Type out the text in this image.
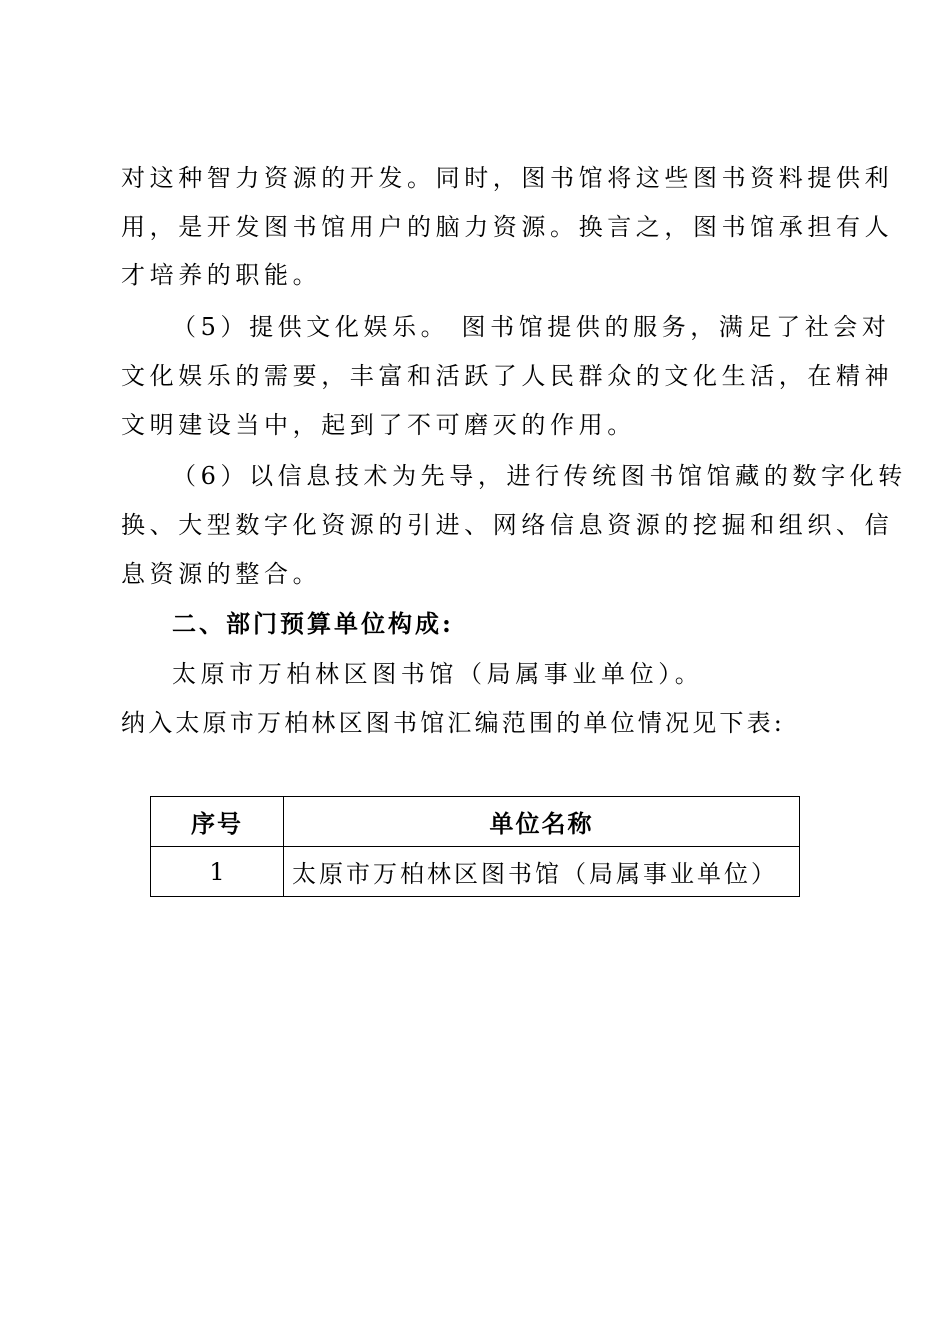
对这种智力资源的开发。同时，图书馆将这些图书资料提供利
用，是开发图书馆用户的脑力资源。换言之，图书馆承担有人
才培养的职能。
（5）提供文化娱乐。 图书馆提供的服务，满足了社会对
文化娱乐的需要，丰富和活跃了人民群众的文化生活，在精神
文明建设当中，起到了不可磨灭的作用。
（6）以信息技术为先导，进行传统图书馆馆藏的数字化转
换、大型数字化资源的引进、网络信息资源的挖掘和组织、信
息资源的整合。
二、部门预算单位构成:
太原市万柏林区图书馆（局属事业单位）。
纳入太原市万柏林区图书馆汇编范围的单位情况见下表:
序号	单位名称
1	太原市万柏林区图书馆（局属事业单位）
